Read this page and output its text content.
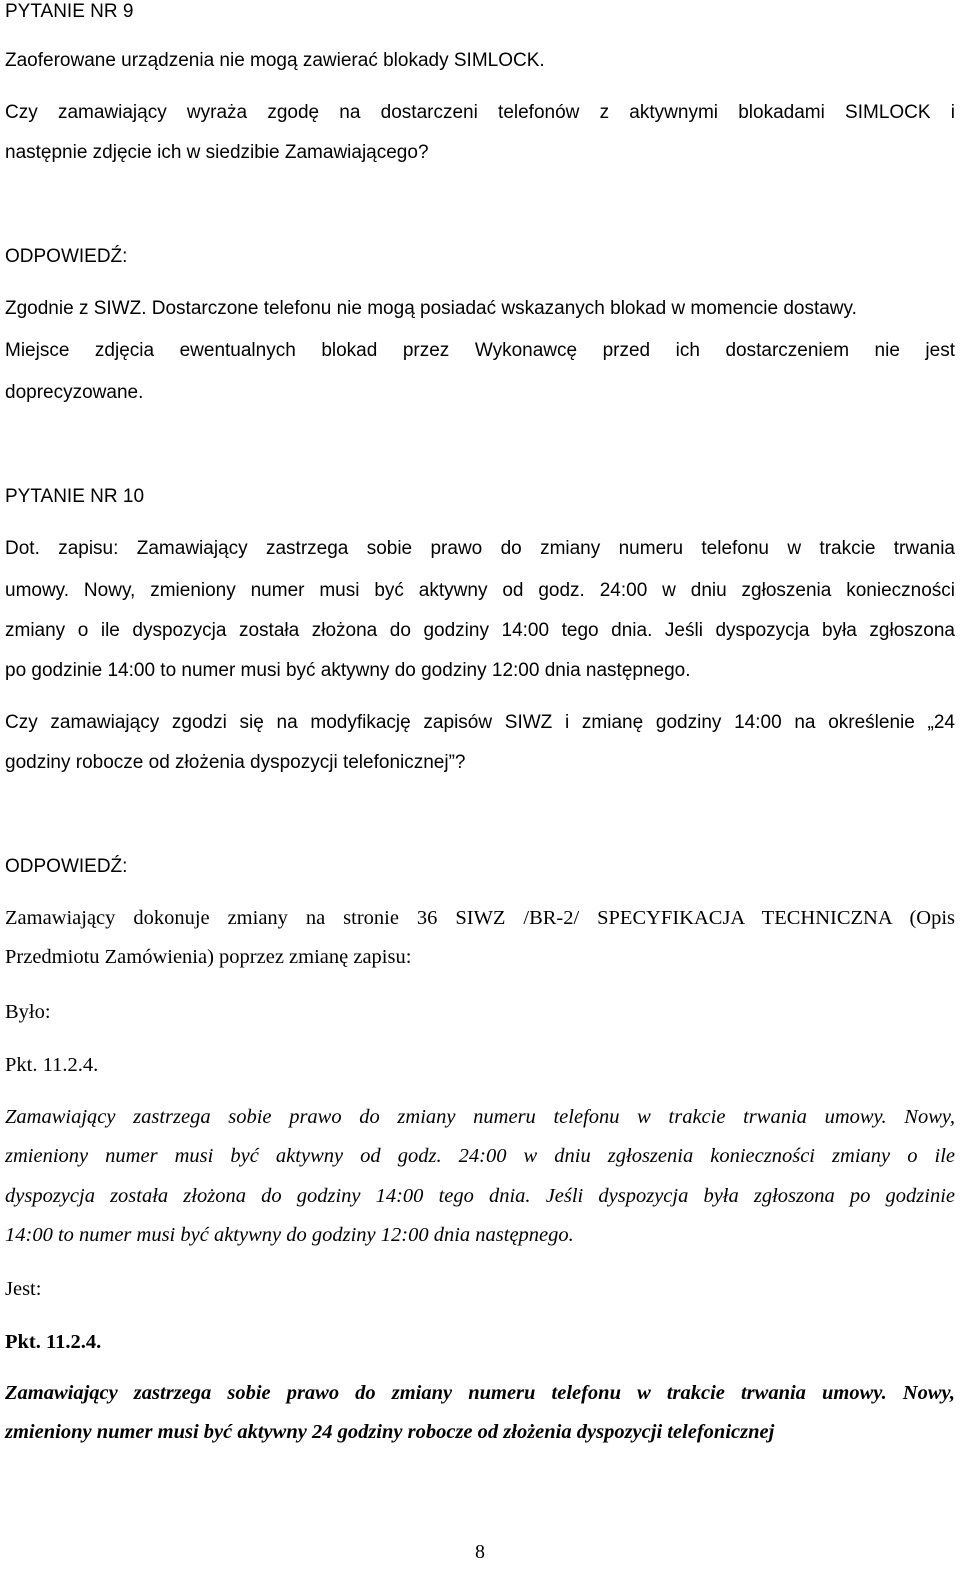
PYTANIE NR 9

Zaoferowane urządzenia nie mogą zawierać blokady SIMLOCK.

Czy zamawiający wyraża zgodę na dostarczeni telefonów z aktywnymi blokadami SIMLOCK i

następnie zdjęcie ich w siedzibie Zamawiającego?

ODPOWIEDŹ:

Zgodnie z SIWZ. Dostarczone telefonu nie mogą posiadać wskazanych blokad w momencie dostawy.

Miejsce zdjęcia ewentualnych blokad przez Wykonawcę przed ich dostarczeniem nie jest

doprecyzowane.

PYTANIE NR 10

Dot. zapisu: Zamawiający zastrzega sobie prawo do zmiany numeru telefonu w trakcie trwania

umowy. Nowy, zmieniony numer musi być aktywny od godz. 24:00 w dniu zgłoszenia konieczności

zmiany o ile dyspozycja została złożona do godziny 14:00 tego dnia. Jeśli dyspozycja była zgłoszona

po godzinie 14:00 to numer musi być aktywny do godziny 12:00 dnia następnego.

Czy zamawiający zgodzi się na modyfikację zapisów SIWZ i zmianę godziny 14:00 na określenie „24

godziny robocze od złożenia dyspozycji telefonicznej”?

ODPOWIEDŹ:

Zamawiający dokonuje zmiany na stronie 36 SIWZ /BR-2/ SPECYFIKACJA TECHNICZNA (Opis

Przedmiotu Zamówienia) poprzez zmianę zapisu:

Było:

Pkt. 11.2.4.

Zamawiający zastrzega sobie prawo do zmiany numeru telefonu w trakcie trwania umowy. Nowy,

zmieniony numer musi być aktywny od godz. 24:00 w dniu zgłoszenia konieczności zmiany o ile

dyspozycja została złożona do godziny 14:00 tego dnia. Jeśli dyspozycja była zgłoszona po godzinie

14:00 to numer musi być aktywny do godziny 12:00 dnia następnego.

Jest:

Pkt. 11.2.4.

Zamawiający zastrzega sobie prawo do zmiany numeru telefonu w trakcie trwania umowy. Nowy,

zmieniony numer musi być aktywny 24 godziny robocze od złożenia dyspozycji telefonicznej

8
